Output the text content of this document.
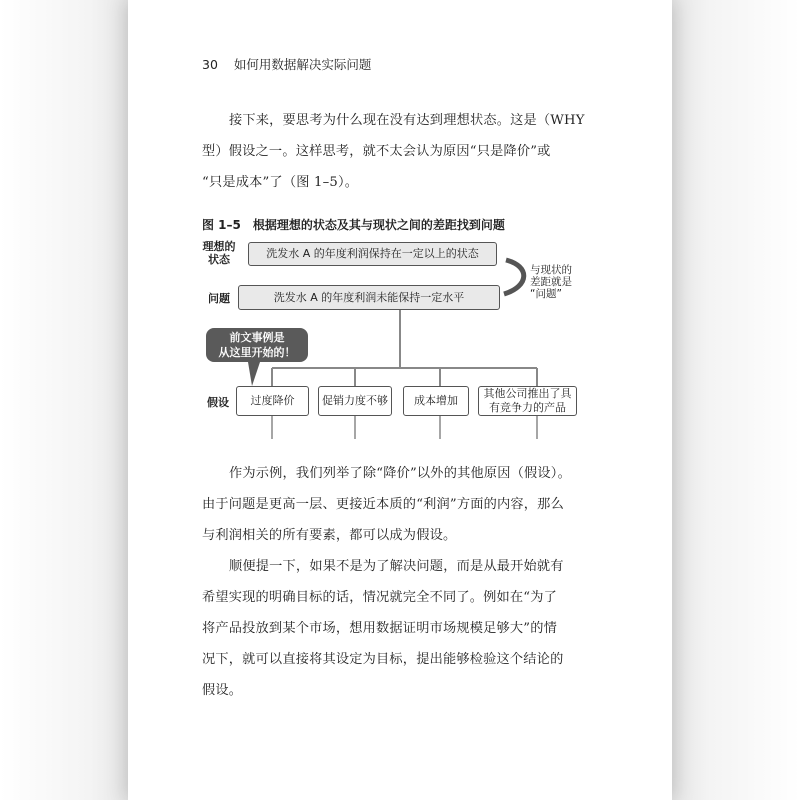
30 如何用数据解决实际问题
接下来，要思考为什么现在没有达到理想状态。这是（WHY
型）假设之一。这样思考，就不太会认为原因“只是降价”或
“只是成本”了（图 1–5）。
图 1–5　根据理想的状态及其与现状之间的差距找到问题
理想的
状态	洗发水 A 的年度利润保持在一定以上的状态
问题	洗发水 A 的年度利润未能保持一定水平
与现状的
差距就是
“问题”
前文事例是
从这里开始的！
假设	过度降价	促销力度不够 成本增加
其他公司推出了具
有竞争力的产品
作为示例，我们列举了除“降价”以外的其他原因（假设）。
由于问题是更高一层、更接近本质的“利润”方面的内容，那么
与利润相关的所有要素，都可以成为假设。
顺便提一下，如果不是为了解决问题，而是从最开始就有
希望实现的明确目标的话，情况就完全不同了。例如在“为了
将产品投放到某个市场，想用数据证明市场规模足够大”的情
况下，就可以直接将其设定为目标，提出能够检验这个结论的
假设。
